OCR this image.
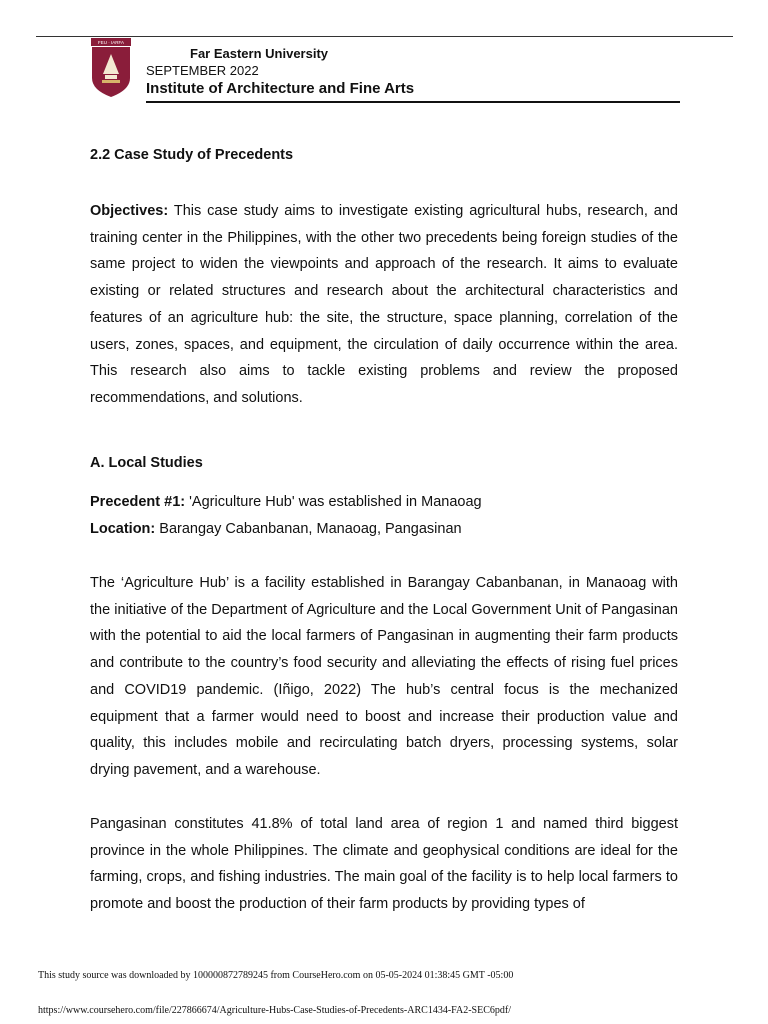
FEU · IARFA
Far Eastern University
SEPTEMBER 2022
Institute of Architecture and Fine Arts
2.2 Case Study of Precedents

Objectives: This case study aims to investigate existing agricultural hubs, research, and training center in the Philippines, with the other two precedents being foreign studies of the same project to widen the viewpoints and approach of the research. It aims to evaluate existing or related structures and research about the architectural characteristics and features of an agriculture hub: the site, the structure, space planning, correlation of the users, zones, spaces, and equipment, the circulation of daily occurrence within the area. This research also aims to tackle existing problems and review the proposed recommendations, and solutions.

A. Local Studies
Precedent #1: 'Agriculture Hub' was established in Manaoag
Location: Barangay Cabanbanan, Manaoag, Pangasinan

The ‘Agriculture Hub’ is a facility established in Barangay Cabanbanan, in Manaoag with the initiative of the Department of Agriculture and the Local Government Unit of Pangasinan with the potential to aid the local farmers of Pangasinan in augmenting their farm products and contribute to the country’s food security and alleviating the effects of rising fuel prices and COVID19 pandemic. (Iñigo, 2022) The hub’s central focus is the mechanized equipment that a farmer would need to boost and increase their production value and quality, this includes mobile and recirculating batch dryers, processing systems, solar drying pavement, and a warehouse.

Pangasinan constitutes 41.8% of total land area of region 1 and named third biggest province in the whole Philippines. The climate and geophysical conditions are ideal for the farming, crops, and fishing industries. The main goal of the facility is to help local farmers to promote and boost the production of their farm products by providing types of

This study source was downloaded by 100000872789245 from CourseHero.com on 05-05-2024 01:38:45 GMT -05:00
https://www.coursehero.com/file/227866674/Agriculture-Hubs-Case-Studies-of-Precedents-ARC1434-FA2-SEC6pdf/
